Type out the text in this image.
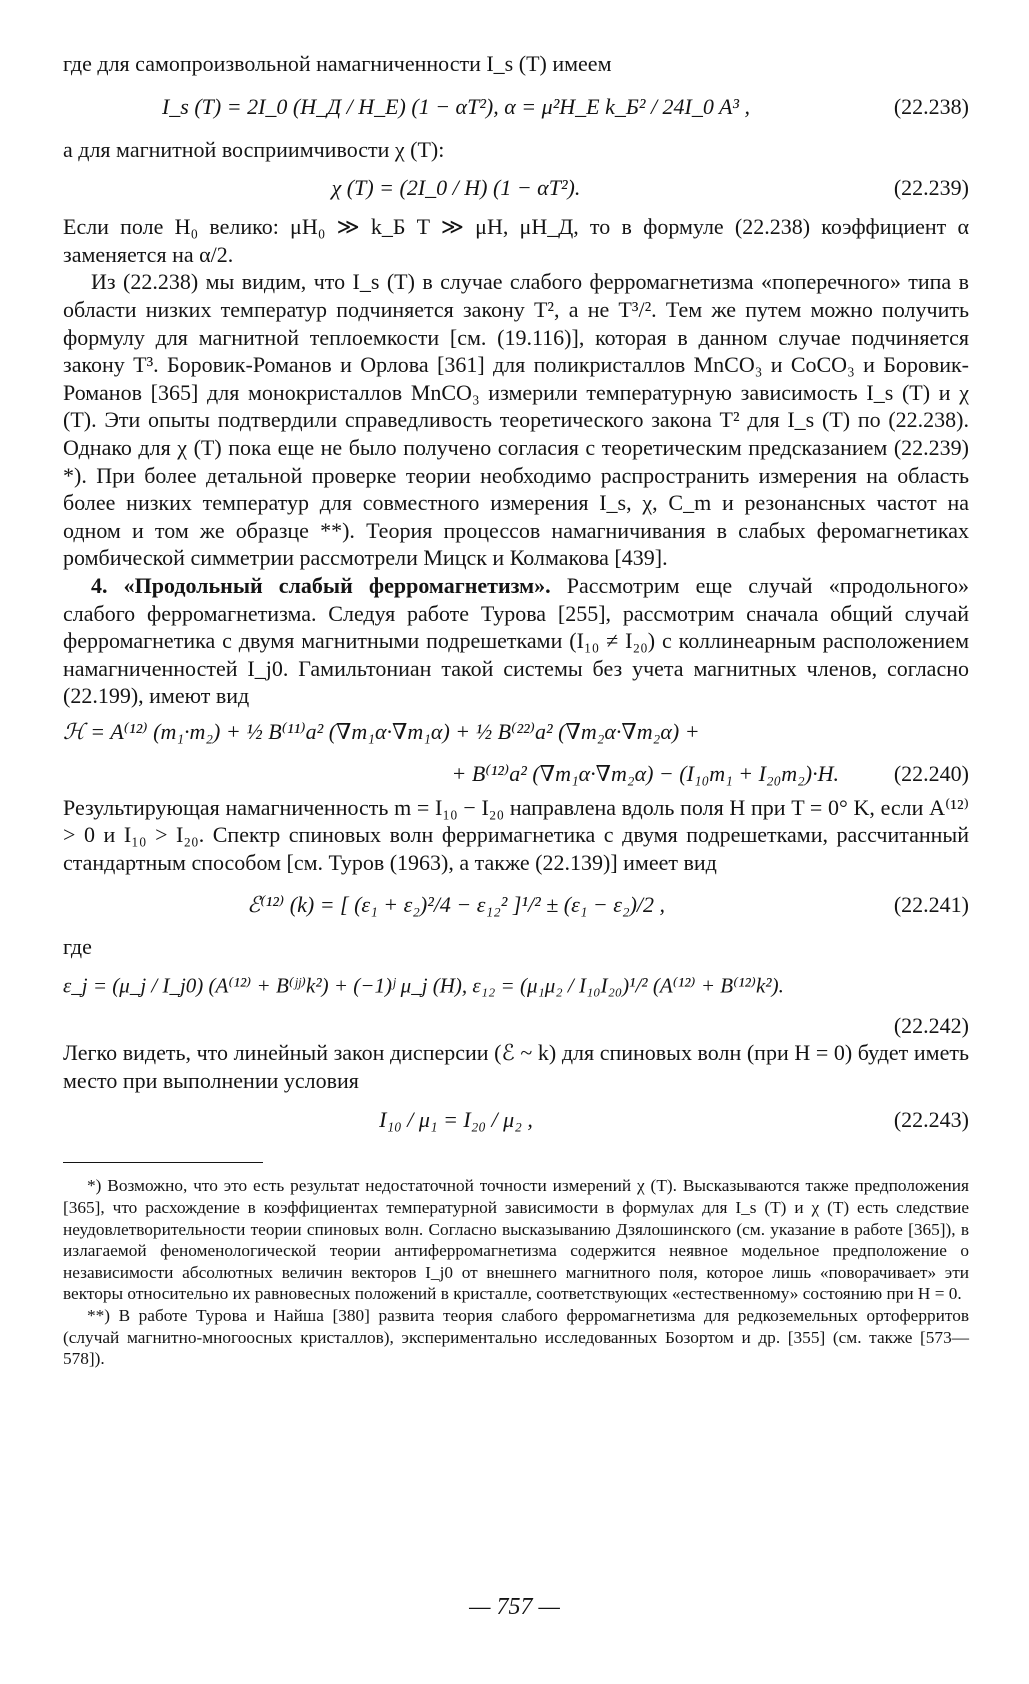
где для самопроизвольной намагниченности I_s (T) имеем

I_s (T) = 2I_0 (H_Д / H_E) (1 − αT²), α = μ²H_E k_Б² / 24I_0 A³ ,	(22.238)

а для магнитной восприимчивости χ (T):

χ (T) = (2I_0 / H) (1 − αT²).	(22.239)

Если поле H₀ велико: μH₀ ≫ k_Б T ≫ μH, μH_Д, то в формуле (22.238) коэффициент α заменяется на α/2.

Из (22.238) мы видим, что I_s (T) в случае слабого ферромагнетизма «поперечного» типа в области низких температур подчиняется закону T², а не T³/². Тем же путем можно получить формулу для магнитной теплоемкости [см. (19.116)], которая в данном случае подчиняется закону T³. Боровик-Романов и Орлова [361] для поликристаллов MnCO₃ и CoCO₃ и Боровик-Романов [365] для монокристаллов MnCO₃ измерили температурную зависимость I_s (T) и χ (T). Эти опыты подтвердили справедливость теоретического закона T² для I_s (T) по (22.238). Однако для χ (T) пока еще не было получено согласия с теоретическим предсказанием (22.239) *). При более детальной проверке теории необходимо распространить измерения на область более низких температур для совместного измерения I_s, χ, C_m и резонансных частот на одном и том же образце **). Теория процессов намагничивания в слабых феромагнетиках ромбической симметрии рассмотрели Мицск и Колмакова [439].

4. «Продольный слабый ферромагнетизм». Рассмотрим еще случай «продольного» слабого ферромагнетизма. Следуя работе Турова [255], рассмотрим сначала общий случай ферромагнетика с двумя магнитными подрешетками (I₁₀ ≠ I₂₀) с коллинеарным расположением намагниченностей I_j0. Гамильтониан такой системы без учета магнитных членов, согласно (22.199), имеют вид

ℋ = A⁽¹²⁾ (m₁·m₂) + ½ B⁽¹¹⁾a² (∇m₁α·∇m₁α) + ½ B⁽²²⁾a² (∇m₂α·∇m₂α) +
+ B⁽¹²⁾a² (∇m₁α·∇m₂α) − (I₁₀m₁ + I₂₀m₂)·H. (22.240)

Результирующая намагниченность m = I₁₀ − I₂₀ направлена вдоль поля H при T = 0° K, если A⁽¹²⁾ > 0 и I₁₀ > I₂₀. Спектр спиновых волн ферримагнетика с двумя подрешетками, рассчитанный стандартным способом [см. Туров (1963), а также (22.139)] имеет вид

ℰ⁽¹²⁾ (k) = [ (ε₁ + ε₂)²/4 − ε₁₂² ]¹/² ± (ε₁ − ε₂)/2 ,	(22.241)

где

ε_j = (μ_j / I_j0) (A⁽¹²⁾ + B⁽ʲʲ⁾k²) + (−1)ʲ μ_j (H), ε₁₂ = (μ₁μ₂ / I₁₀I₂₀)¹/² (A⁽¹²⁾ + B⁽¹²⁾k²).
(22.242)

Легко видеть, что линейный закон дисперсии (ℰ ~ k) для спиновых волн (при H = 0) будет иметь место при выполнении условия

I₁₀ / μ₁ = I₂₀ / μ₂ ,	(22.243)

*) Возможно, что это есть результат недостаточной точности измерений χ (T). Высказываются также предположения [365], что расхождение в коэффициентах температурной зависимости в формулах для I_s (T) и χ (T) есть следствие неудовлетворительности теории спиновых волн. Согласно высказыванию Дзялошинского (см. указание в работе [365]), в излагаемой феноменологической теории антиферромагнетизма содержится неявное модельное предположение о независимости абсолютных величин векторов I_j0 от внешнего магнитного поля, которое лишь «поворачивает» эти векторы относительно их равновесных положений в кристалле, соответствующих «естественному» состоянию при H = 0.

**) В работе Турова и Найша [380] развита теория слабого ферромагнетизма для редкоземельных ортоферритов (случай магнитно-многоосных кристаллов), экспериментально исследованных Бозортом и др. [355] (см. также [573—578]).

— 757 —
